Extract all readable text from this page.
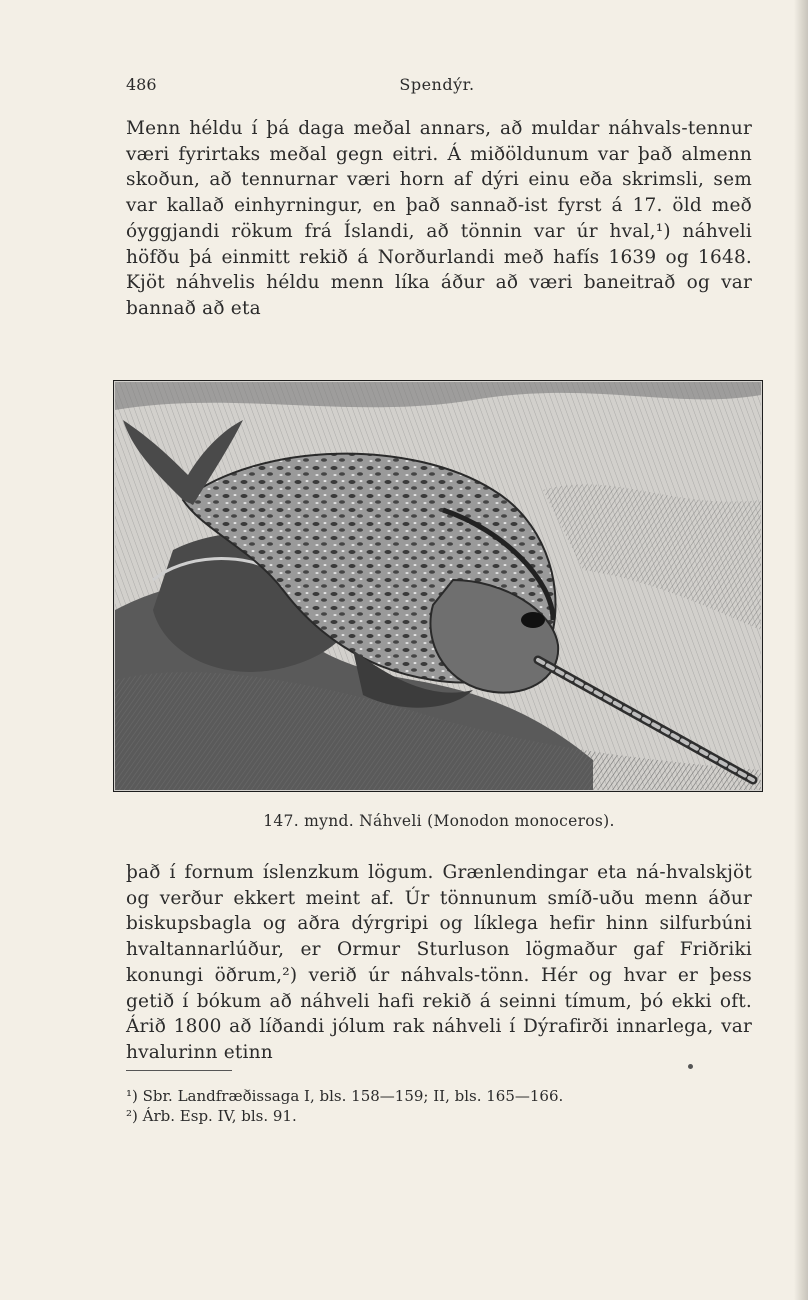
486	Spendýr.
Menn héldu í þá daga meðal annars, að muldar náhvals-tennur væri fyrirtaks meðal gegn eitri. Á miðöldunum var það almenn skoðun, að tennurnar væri horn af dýri einu eða skrimsli, sem var kallað einhyrningur, en það sannað-ist fyrst á 17. öld með óyggjandi rökum frá Íslandi, að tönnin var úr hval,¹) náhveli höfðu þá einmitt rekið á Norðurlandi með hafís 1639 og 1648. Kjöt náhvelis héldu menn líka áður að væri baneitrað og var bannað að eta
147. mynd. Náhveli (Monodon monoceros).
það í fornum íslenzkum lögum. Grænlendingar eta ná-hvalskjöt og verður ekkert meint af. Úr tönnunum smíð-uðu menn áður biskupsbagla og aðra dýrgripi og líklega hefir hinn silfurbúni hvaltannarlúður, er Ormur Sturluson lögmaður gaf Friðriki konungi öðrum,²) verið úr náhvals-tönn. Hér og hvar er þess getið í bókum að náhveli hafi rekið á seinni tímum, þó ekki oft. Árið 1800 að líðandi jólum rak náhveli í Dýrafirði innarlega, var hvalurinn etinn
¹) Sbr. Landfræðissaga I, bls. 158—159; II, bls. 165—166.
²) Árb. Esp. IV, bls. 91.
